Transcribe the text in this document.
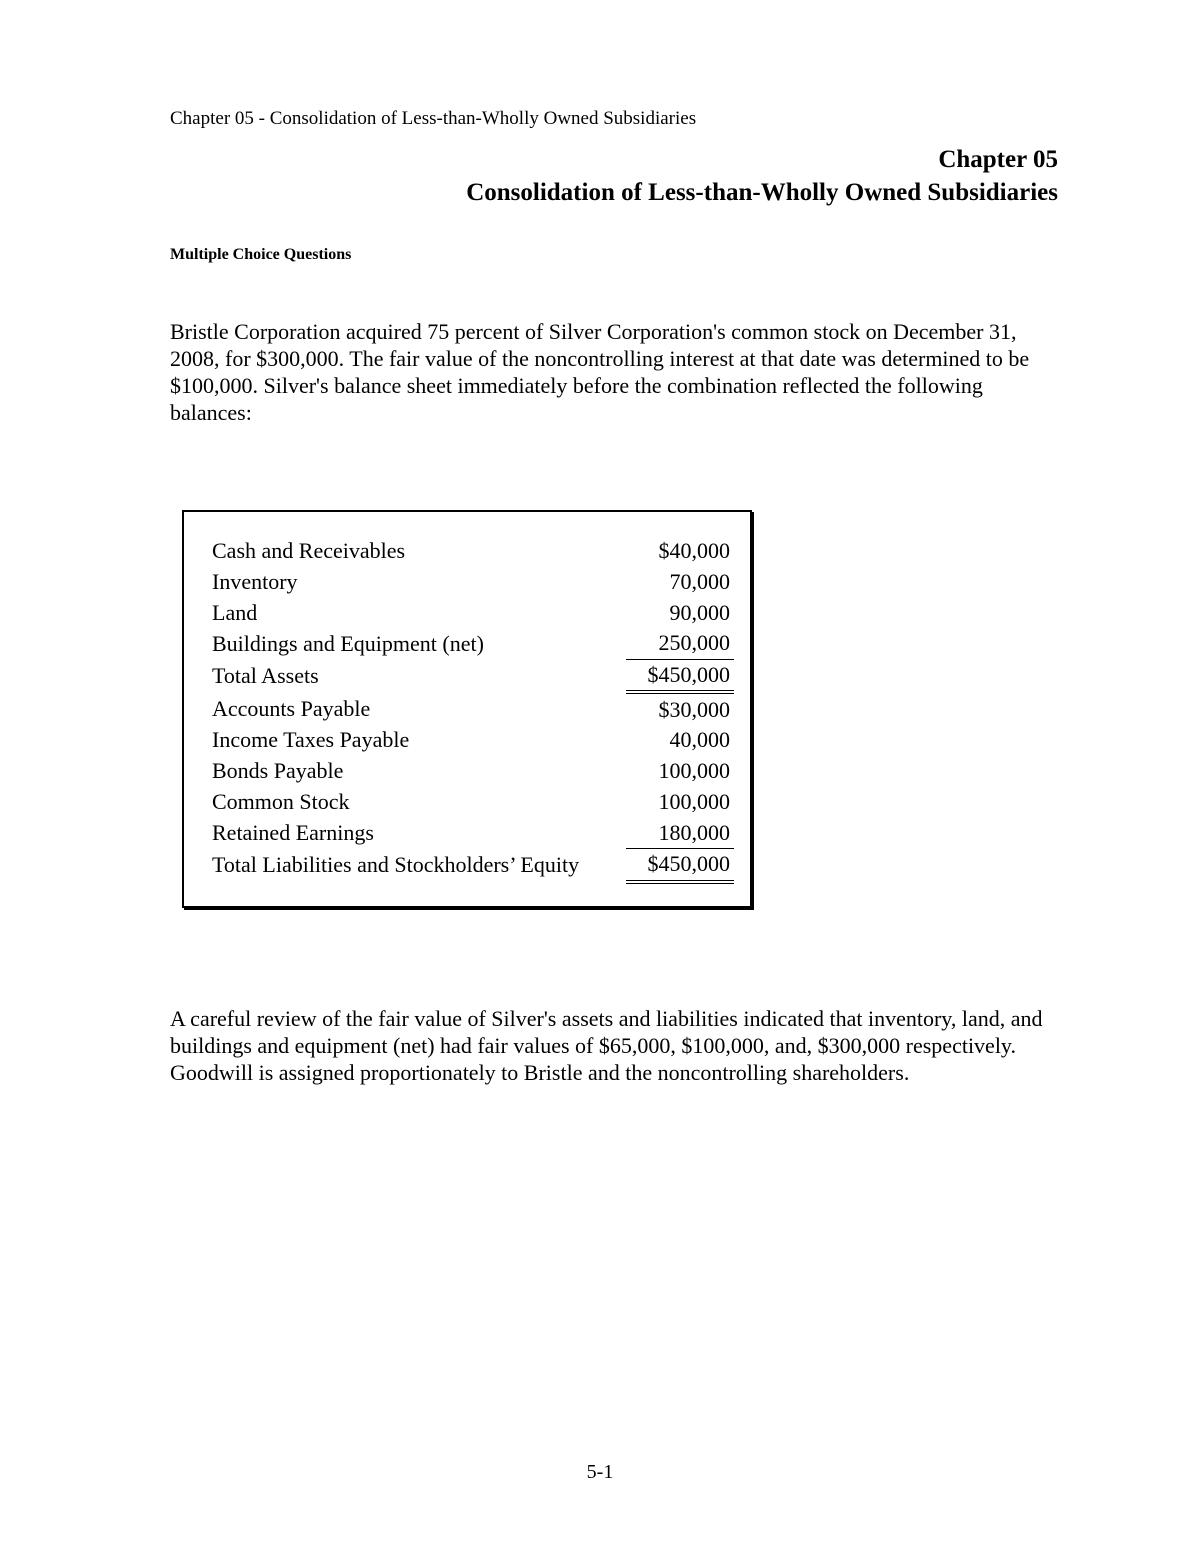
Chapter 05 - Consolidation of Less-than-Wholly Owned Subsidiaries
Chapter 05
Consolidation of Less-than-Wholly Owned Subsidiaries
Multiple Choice Questions
Bristle Corporation acquired 75 percent of Silver Corporation's common stock on December 31, 2008, for $300,000. The fair value of the noncontrolling interest at that date was determined to be $100,000. Silver's balance sheet immediately before the combination reflected the following balances:
Cash and Receivables	$40,000
Inventory	70,000
Land	90,000
Buildings and Equipment (net)	250,000
Total Assets	$450,000
Accounts Payable	$30,000
Income Taxes Payable	40,000
Bonds Payable	100,000
Common Stock	100,000
Retained Earnings	180,000
Total Liabilities and Stockholders’ Equity	$450,000
A careful review of the fair value of Silver's assets and liabilities indicated that inventory, land, and buildings and equipment (net) had fair values of $65,000, $100,000, and, $300,000 respectively. Goodwill is assigned proportionately to Bristle and the noncontrolling shareholders.
5-1
